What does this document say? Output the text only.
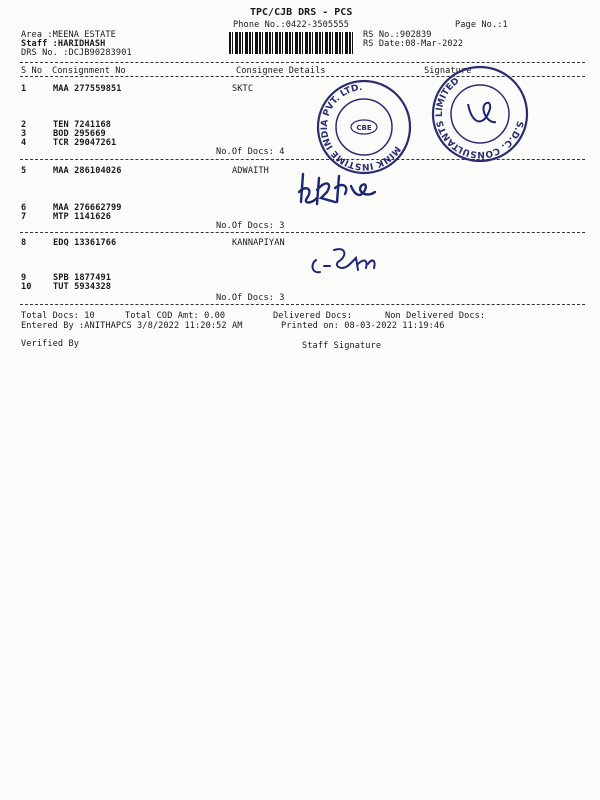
TPC/CJB DRS - PCS
Phone No.:0422-3505555	Page No.:1
Area :MEENA ESTATE
Staff :HARIDHASH
DRS No. :DCJB90283901
RS No.:902839
RS Date:08-Mar-2022
S No Consignment No	Consignee Details	Signature
1	MAA 277559851	SKTC
2	TEN 7241168
3	BOD 295669
4	TCR 29047261
No.Of Docs: 4
5	MAA 286104026	ADWAITH
6	MAA 276662799
7	MTP 1141626
No.Of Docs: 3
8	EDQ 13361766	KANNAPIYAN
9	SPB 1877491
10 TUT 5934328
No.Of Docs: 3
Total Docs: 10	Total COD Amt: 0.00	Delivered Docs:	Non Delivered Docs:
Entered By :ANITHAPCS 3/8/2022 11:20:52 AM	Printed on: 08-03-2022 11:19:46
Verified By	Staff Signature
MINK INSTIME INDIA PVT. LTD.
CBE	S.D.C. CONSULTANTS LIMITED
